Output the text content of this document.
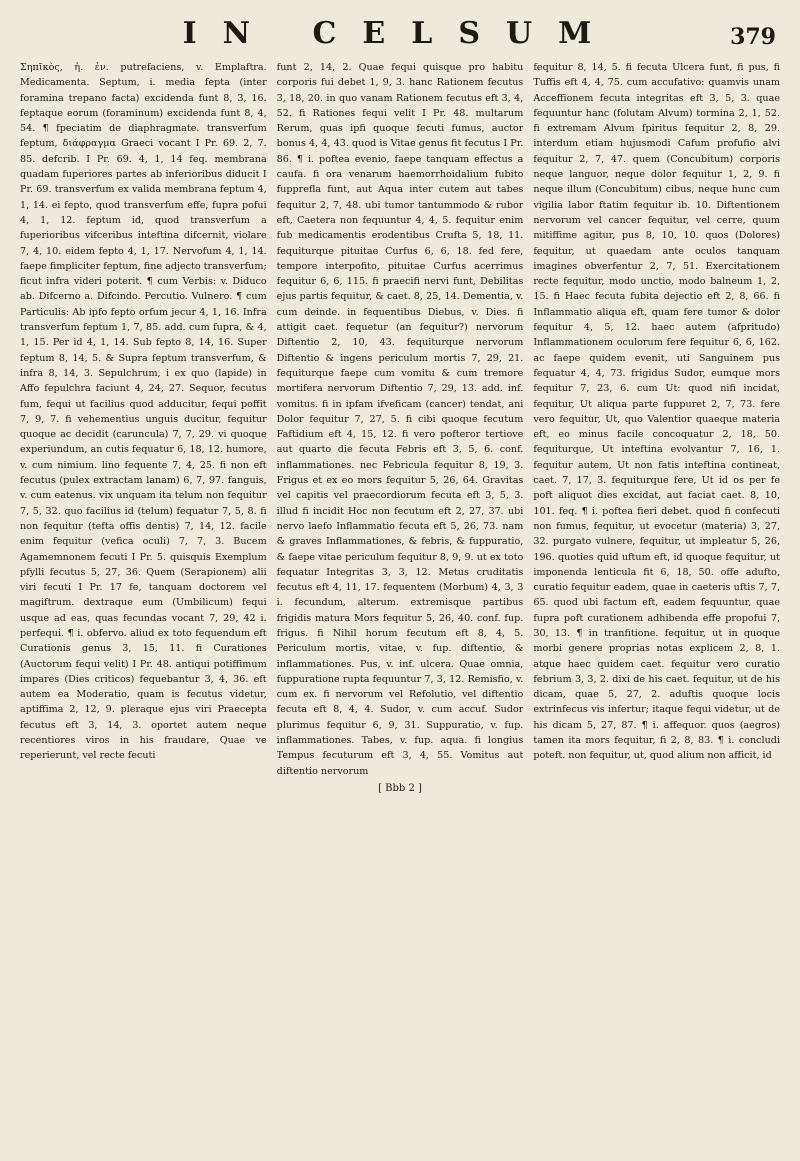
IN CELSUM	379

Σηπῖκὸς, ἡ. ἐν. putrefaciens, v. Emplaftra. Medicamenta. Septum, i. media fepta (inter foramina trepano facta) excidenda funt 8, 3, 16. feptaque eorum (foraminum) excidenda funt 8, 4, 54. ¶ fpeciatim de diaphragmate. transverfum feptum, διάφραγμα Graeci vocant I Pr. 69. 2, 7. 85. defcrib. I Pr. 69. 4, 1, 14 feq. membrana quadam fuperiores partes ab inferioribus diducit I Pr. 69. transverfum ex valida membrana feptum 4, 1, 14. ei fepto, quod transverfum effe, fupra pofui 4, 1, 12. feptum id, quod transverfum a fuperioribus vifceribus inteftina difcernit, violare 7, 4, 10. eidem fepto 4, 1, 17. Nervofum 4, 1, 14. faepe fimpliciter feptum, fine adjecto transverfum; ficut infra videri poterit. ¶ cum Verbis: v. Diduco ab. Difcerno a. Difcindo. Percutio. Vulnero. ¶ cum Particulis: Ab ipfo fepto orfum jecur 4, 1, 16. Infra transverfum feptum 1, 7, 85. add. cum fupra, & 4, 1, 15. Per id 4, 1, 14. Sub fepto 8, 14, 16. Super feptum 8, 14, 5. & Supra feptum transverfum, & infra 8, 14, 3. Sepulchrum, i ex quo (lapide) in Affo fepulchra faciunt 4, 24, 27. Sequor, fecutus fum, fequi ut facilius quod adducitur, fequi poffit 7, 9, 7. fi vehementius unguis ducitur, fequitur quoque ac decidit (caruncula) 7, 7, 29. vi quoque experiundum, an cutis fequatur 6, 18, 12. humore, v. cum nimium. lino fequente 7, 4, 25. fi non eft fecutus (pulex extractam lanam) 6, 7, 97. fanguis, v. cum eatenus. vix unquam ita telum non fequitur 7, 5, 32. quo facilius id (telum) fequatur 7, 5, 8. fi non fequitur (tefta offis dentis) 7, 14, 12. facile enim fequitur (vefica oculi) 7, 7, 3. Bucem Agamemnonem fecuti I Pr. 5. quisquis Exemplum pfylli fecutus 5, 27, 36. Quem (Serapionem) alii viri fecuti I Pr. 17 fe, tanquam doctorem vel magiftrum. dextraque eum (Umbilicum) fequi usque ad eas, quas fecundas vocant 7, 29, 42 i. perfequi. ¶ i. obfervo. aliud ex toto fequendum eft Curationis genus 3, 15, 11. fi Curationes (Auctorum fequi velit) I Pr. 48. antiqui potiffimum impares (Dies criticos) fequebantur 3, 4, 36. eft autem ea Moderatio, quam is fecutus videtur, aptiffima 2, 12, 9. pleraque ejus viri Praecepta fecutus eft 3, 14, 3. oportet autem neque recentiores viros in his fraudare, Quae ve reperierunt, vel recte fecuti

funt 2, 14, 2. Quae fequi quisque pro habitu corporis fui debet 1, 9, 3. hanc Rationem fecutus 3, 18, 20. in quo vanam Rationem fecutus eft 3, 4, 52. fi Rationes fequi velit I Pr. 48. multarum Rerum, quas ipfi quoque fecuti fumus, auctor bonus 4, 4, 43. quod is Vitae genus fit fecutus I Pr. 86. ¶ i. poftea evenio, faepe tanquam effectus a caufa. fi ora venarum haemorrhoidalium fubito fupprefla funt, aut Aqua inter cutem aut tabes fequitur 2, 7, 48. ubi tumor tantummodo & rubor eft, Caetera non fequuntur 4, 4, 5. fequitur enim fub medicamentis erodentibus Crufta 5, 18, 11. fequiturque pituitae Curfus 6, 6, 18. fed fere, tempore interpofito, pituitae Curfus acerrimus fequitur 6, 6, 115. fi praecifi nervi funt, Debilitas ejus partis fequitur, & caet. 8, 25, 14. Dementia, v. cum deinde. in fequentibus Diebus, v. Dies. fi attigit caet. fequetur (an fequitur?) nervorum Diftentio 2, 10, 43. fequiturque nervorum Diftentio & ingens periculum mortis 7, 29, 21. fequiturque faepe cum vomitu & cum tremore mortifera nervorum Diftentio 7, 29, 13. add. inf. vomitus. fi in ipfam ifveficam (cancer) tendat, ani Dolor fequitur 7, 27, 5. fi cibi quoque fecutum Faftidium eft 4, 15, 12. fi vero pofteror tertiove aut quarto die fecuta Febris eft 3, 5, 6. conf. inflammationes. nec Febricula fequitur 8, 19, 3. Frigus et ex eo mors fequitur 5, 26, 64. Gravitas vel capitis vel praecordiorum fecuta eft 3, 5, 3. illud fi incidit Hoc non fecutum eft 2, 27, 37. ubi nervo laefo Inflammatio fecuta eft 5, 26, 73. nam & graves Inflammationes, & febris, & fuppuratio, & faepe vitae periculum fequitur 8, 9, 9. ut ex toto fequatur Integritas 3, 3, 12. Metus cruditatis fecutus eft 4, 11, 17. fequentem (Morbum) 4, 3, 3 i. fecundum, alterum. extremisque partibus frigidis matura Mors fequitur 5, 26, 40. conf. fup. frigus. fi Nihil horum fecutum eft 8, 4, 5. Periculum mortis, vitae, v. fup. diftentio, & inflammationes. Pus, v. inf. ulcera. Quae omnia, fuppuratione rupta fequuntur 7, 3, 12. Remisfio, v. cum ex. fi nervorum vel Refolutio, vel diftentio fecuta eft 8, 4, 4. Sudor, v. cum accuf. Sudor plurimus fequitur 6, 9, 31. Suppuratio, v. fup. inflammationes. Tabes, v. fup. aqua. fi longius Tempus fecuturum eft 3, 4, 55. Vomitus aut diftentio nervorum

[ Bbb 2 ]

fequitur 8, 14, 5. fi fecuta Ulcera funt, fi pus, fi Tuffis eft 4, 4, 75. cum accufativo: quamvis unam Acceffionem fecuta integritas eft 3, 5, 3. quae fequuntur hanc (folutam Alvum) tormina 2, 1, 52. fi extremam Alvum fpiritus fequitur 2, 8, 29. interdum etiam hujusmodi Cafum profufio alvi fequitur 2, 7, 47. quem (Concubitum) corporis neque languor, neque dolor fequitur 1, 2, 9. fi neque illum (Concubitum) cibus, neque hunc cum vigilia labor ftatim fequitur ib. 10. Diftentionem nervorum vel cancer fequitur, vel cerre, quum mitiffime agitur, pus 8, 10, 10. quos (Dolores) fequitur, ut quaedam ante oculos tanquam imagines obverfentur 2, 7, 51. Exercitationem recte fequitur, modo unctio, modo balneum 1, 2, 15. fi Haec fecuta fubita dejectio eft 2, 8, 66. fi Inflammatio aliqua eft, quam fere tumor & dolor fequitur 4, 5, 12. haec autem (afpritudo) Inflammationem oculorum fere fequitur 6, 6, 162. ac faepe quidem evenit, uti Sanguinem pus fequatur 4, 4, 73. frigidus Sudor, eumque mors fequitur 7, 23, 6. cum Ut: quod nifi incidat, fequitur, Ut aliqua parte fuppuret 2, 7, 73. fere vero fequitur, Ut, quo Valentior quaeque materia eft, eo minus facile concoquatur 2, 18, 50. fequiturque, Ut inteftina evolvantur 7, 16, 1. fequitur autem, Ut non fatis inteftina contineat, caet. 7, 17, 3. fequiturque fere, Ut id os per fe poft aliquot dies excidat, aut faciat caet. 8, 10, 101. feq. ¶ i. poftea fieri debet. quod fi confecuti non fumus, fequitur, ut evocetur (materia) 3, 27, 32. purgato vulnere, fequitur, ut impleatur 5, 26, 196. quoties quid uftum eft, id quoque fequitur, ut imponenda lenticula fit 6, 18, 50. offe adufto, curatio fequitur eadem, quae in caeteris uftis 7, 7, 65. quod ubi factum eft, eadem fequuntur, quae fupra poft curationem adhibenda effe propofui 7, 30, 13. ¶ in tranfitione. fequitur, ut in quoque morbi genere proprias notas explicem 2, 8, 1. atque haec quidem caet. fequitur vero curatio febrium 3, 3, 2. dixi de his caet. fequitur, ut de his dicam, quae 5, 27, 2. aduftis quoque locis extrinfecus vis infertur; itaque fequi videtur, ut de his dicam 5, 27, 87. ¶ i. affequor. quos (aegros) tamen ita mors fequitur, fi 2, 8, 83. ¶ i. concludi poteft. non fequitur, ut, quod alium non afficit, id
